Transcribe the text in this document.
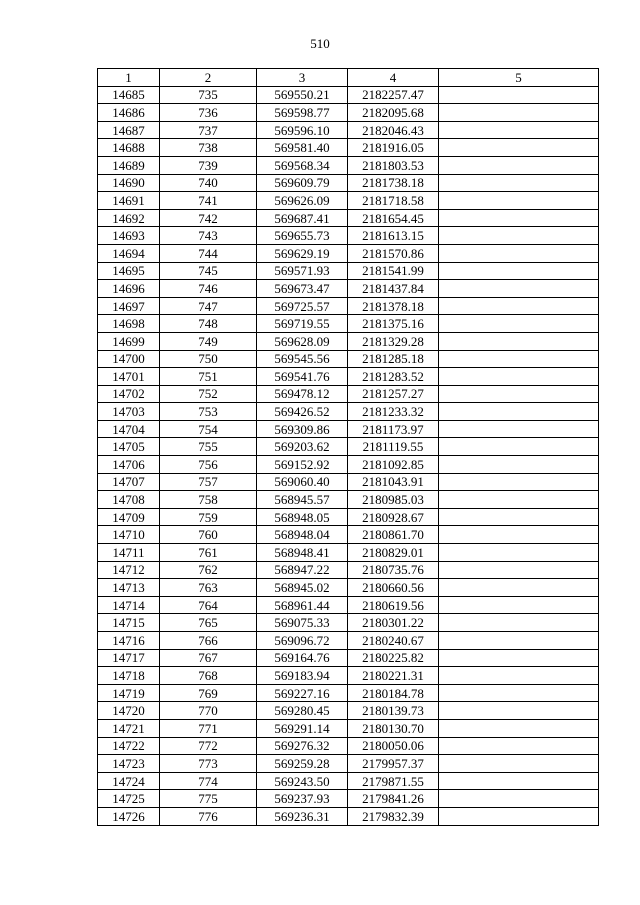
510
1	2	3	4	5
14685	735	569550.21	2182257.47	
14686	736	569598.77	2182095.68	
14687	737	569596.10	2182046.43	
14688	738	569581.40	2181916.05	
14689	739	569568.34	2181803.53	
14690	740	569609.79	2181738.18	
14691	741	569626.09	2181718.58	
14692	742	569687.41	2181654.45	
14693	743	569655.73	2181613.15	
14694	744	569629.19	2181570.86	
14695	745	569571.93	2181541.99	
14696	746	569673.47	2181437.84	
14697	747	569725.57	2181378.18	
14698	748	569719.55	2181375.16	
14699	749	569628.09	2181329.28	
14700	750	569545.56	2181285.18	
14701	751	569541.76	2181283.52	
14702	752	569478.12	2181257.27	
14703	753	569426.52	2181233.32	
14704	754	569309.86	2181173.97	
14705	755	569203.62	2181119.55	
14706	756	569152.92	2181092.85	
14707	757	569060.40	2181043.91	
14708	758	568945.57	2180985.03	
14709	759	568948.05	2180928.67	
14710	760	568948.04	2180861.70	
14711	761	568948.41	2180829.01	
14712	762	568947.22	2180735.76	
14713	763	568945.02	2180660.56	
14714	764	568961.44	2180619.56	
14715	765	569075.33	2180301.22	
14716	766	569096.72	2180240.67	
14717	767	569164.76	2180225.82	
14718	768	569183.94	2180221.31	
14719	769	569227.16	2180184.78	
14720	770	569280.45	2180139.73	
14721	771	569291.14	2180130.70	
14722	772	569276.32	2180050.06	
14723	773	569259.28	2179957.37	
14724	774	569243.50	2179871.55	
14725	775	569237.93	2179841.26	
14726	776	569236.31	2179832.39	
